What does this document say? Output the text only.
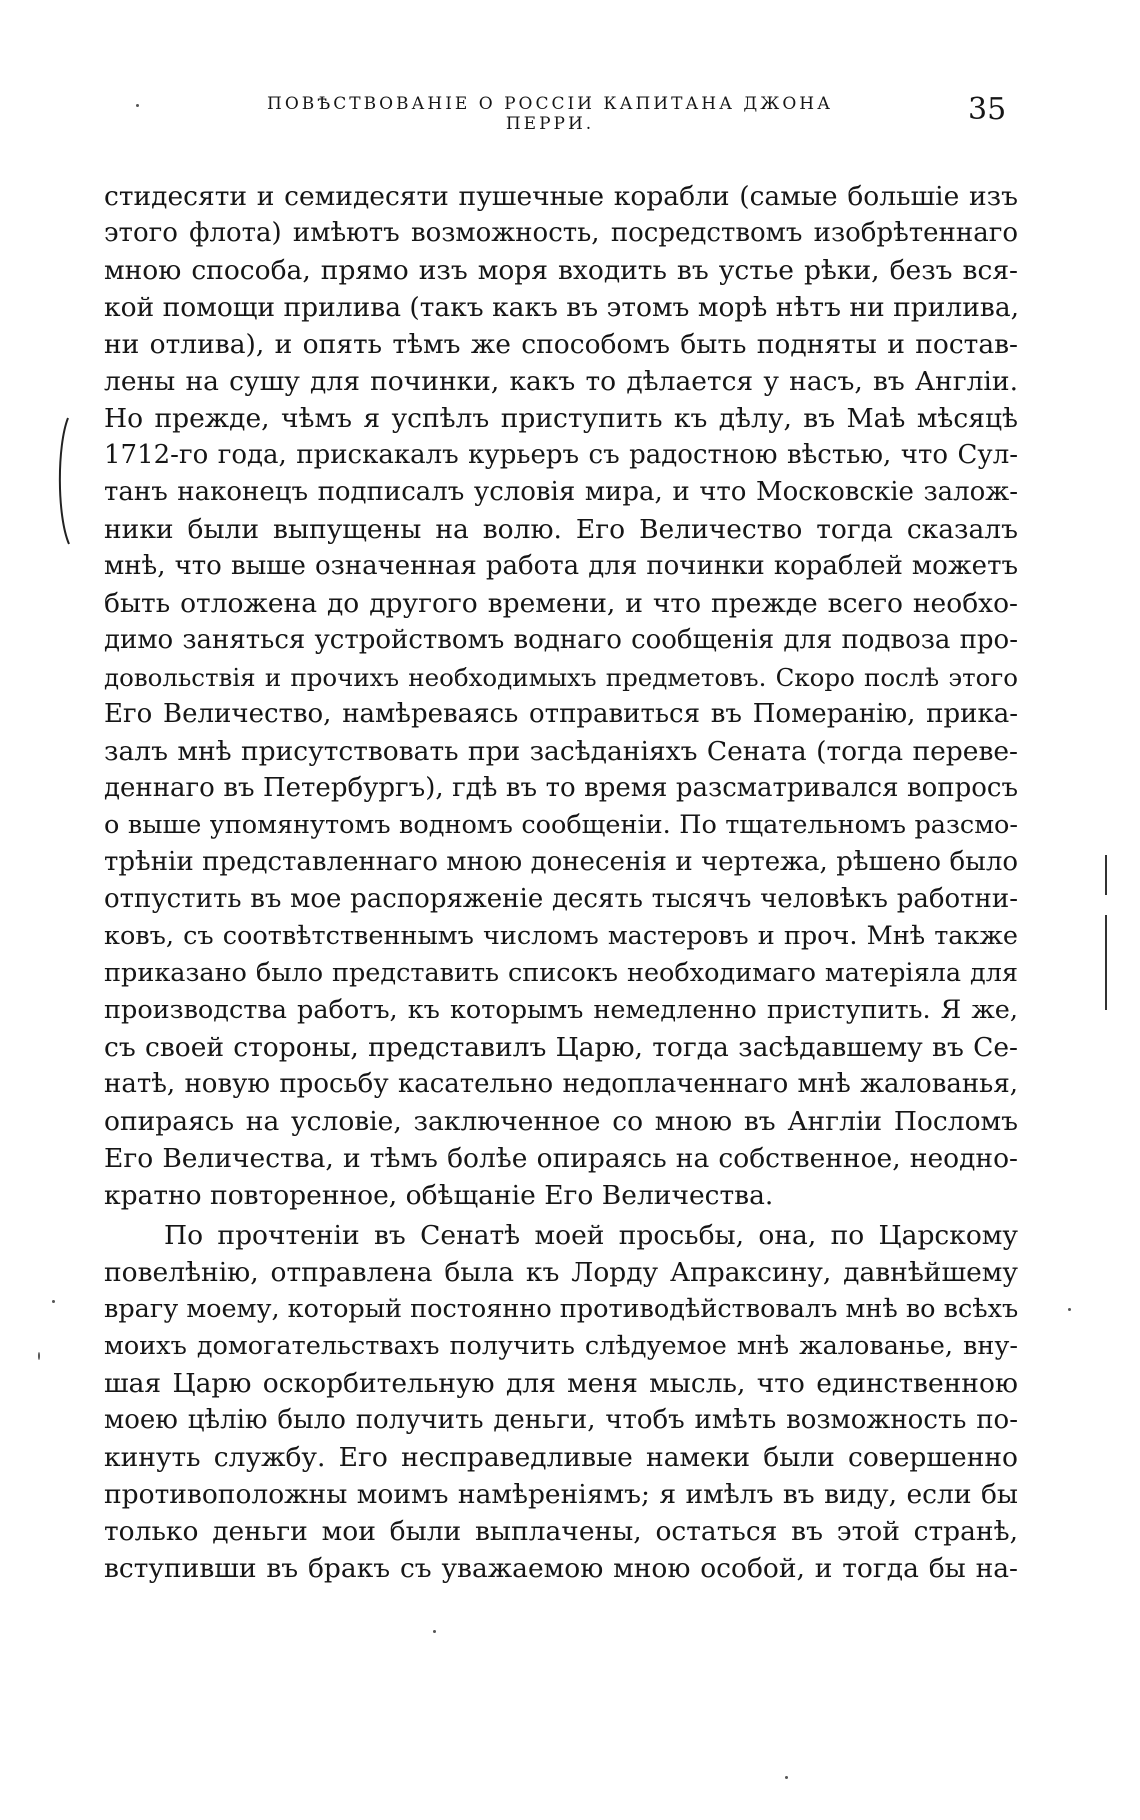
ПОВѢСТВОВАНІЕ О РОССІИ КАПИТАНА ДЖОНА ПЕРРИ.	35
стидесяти и семидесяти пушечные корабли (самые большіе изъ
этого флота) имѣютъ возможность, посредствомъ изобрѣтеннаго
мною способа, прямо изъ моря входить въ устье рѣки, безъ вся-
кой помощи прилива (такъ какъ въ этомъ морѣ нѣтъ ни прилива,
ни отлива), и опять тѣмъ же способомъ быть подняты и постав-
лены на сушу для починки, какъ то дѣлается у насъ, въ Англіи.
Но прежде, чѣмъ я успѣлъ приступить къ дѣлу, въ Маѣ мѣсяцѣ
1712-го года, прискакалъ курьеръ съ радостною вѣстью, что Сул-
танъ наконецъ подписалъ условія мира, и что Московскіе залож-
ники были выпущены на волю. Его Величество тогда сказалъ
мнѣ, что выше означенная работа для починки кораблей можетъ
быть отложена до другого времени, и что прежде всего необхо-
димо заняться устройствомъ воднаго сообщенія для подвоза про-
довольствія и прочихъ необходимыхъ предметовъ. Скоро послѣ этого
Его Величество, намѣреваясь отправиться въ Померанію, прика-
залъ мнѣ присутствовать при засѣданіяхъ Сената (тогда переве-
деннаго въ Петербургъ), гдѣ въ то время разсматривался вопросъ
о выше упомянутомъ водномъ сообщеніи. По тщательномъ разсмо-
трѣніи представленнаго мною донесенія и чертежа, рѣшено было
отпустить въ мое распоряженіе десять тысячъ человѣкъ работни-
ковъ, съ соотвѣтственнымъ числомъ мастеровъ и проч. Мнѣ также
приказано было представить списокъ необходимаго матеріяла для
производства работъ, къ которымъ немедленно приступить. Я же,
съ своей стороны, представилъ Царю, тогда засѣдавшему въ Се-
натѣ, новую просьбу касательно недоплаченнаго мнѣ жалованья,
опираясь на условіе, заключенное со мною въ Англіи Посломъ
Его Величества, и тѣмъ болѣе опираясь на собственное, неодно-
кратно повторенное, обѣщаніе Его Величества.
По прочтеніи въ Сенатѣ моей просьбы, она, по Царскому
повелѣнію, отправлена была къ Лорду Апраксину, давнѣйшему
врагу моему, который постоянно противодѣйствовалъ мнѣ во всѣхъ
моихъ домогательствахъ получить слѣдуемое мнѣ жалованье, вну-
шая Царю оскорбительную для меня мысль, что единственною
моею цѣлію было получить деньги, чтобъ имѣть возможность по-
кинуть службу. Его несправедливые намеки были совершенно
противоположны моимъ намѣреніямъ; я имѣлъ въ виду, если бы
только деньги мои были выплачены, остаться въ этой странѣ,
вступивши въ бракъ съ уважаемою мною особой, и тогда бы на-
